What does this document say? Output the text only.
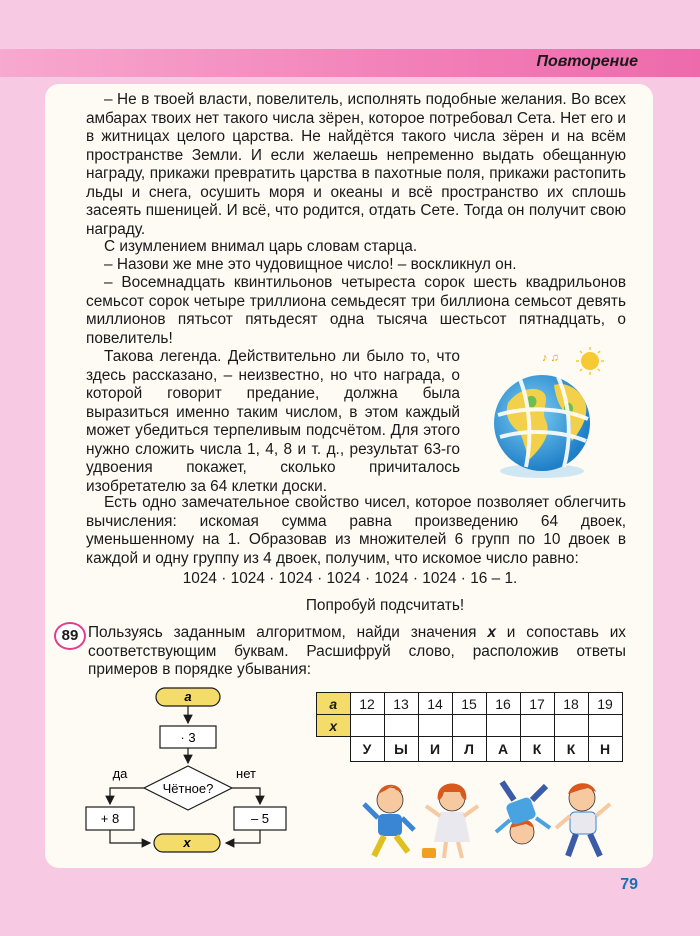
Повторение

– Не в твоей власти, повелитель, исполнять подобные желания. Во всех амбарах твоих нет такого числа зёрен, которое потребовал Сета. Нет его и в житницах целого царства. Не найдётся такого числа зёрен и на всём пространстве Земли. И если желаешь непременно выдать обещанную награду, прикажи превратить царства в пахотные поля, прикажи растопить льды и снега, осушить моря и океаны и всё пространство их сплошь засеять пшеницей. И всё, что родится, отдать Сете. Тогда он получит свою награду.

С изумлением внимал царь словам старца.

– Назови же мне это чудовищное число! – воскликнул он.

– Восемнадцать квинтильонов четыреста сорок шесть квадрильонов семьсот сорок четыре триллиона семьдесят три биллиона семьсот девять миллионов пятьсот пятьдесят одна тысяча шестьсот пятнадцать, о повелитель!

Такова легенда. Действительно ли было то, что здесь рассказано, – неизвестно, но что награда, о которой говорит предание, должна была выразиться именно таким числом, в этом каждый может убедиться терпеливым подсчётом. Для этого нужно сложить числа 1, 4, 8 и т. д., результат 63-го удвоения покажет, сколько причиталось изобретателю за 64 клетки доски.

Есть одно замечательное свойство чисел, которое позволяет облегчить вычисления: искомая сумма равна произведению 64 двоек, уменьшенному на 1. Образовав из множителей 6 групп по 10 двоек в каждой и одну группу из 4 двоек, получим, что искомое число равно:

1024 · 1024 · 1024 · 1024 · 1024 · 1024 · 16 – 1.
Попробуй подсчитать!
♪ ♫
89 Пользуясь заданным алгоритмом, найди значения x и сопоставь их соответствующим буквам. Расшифруй слово, расположив ответы примеров в порядке убывания:

a
· 3
Чётное?
да	нет
+ 8	– 5
x
a	12	13	14	15	16	17	18	19
x								
	У	Ы	И	Л	А	К	К	Н
79
